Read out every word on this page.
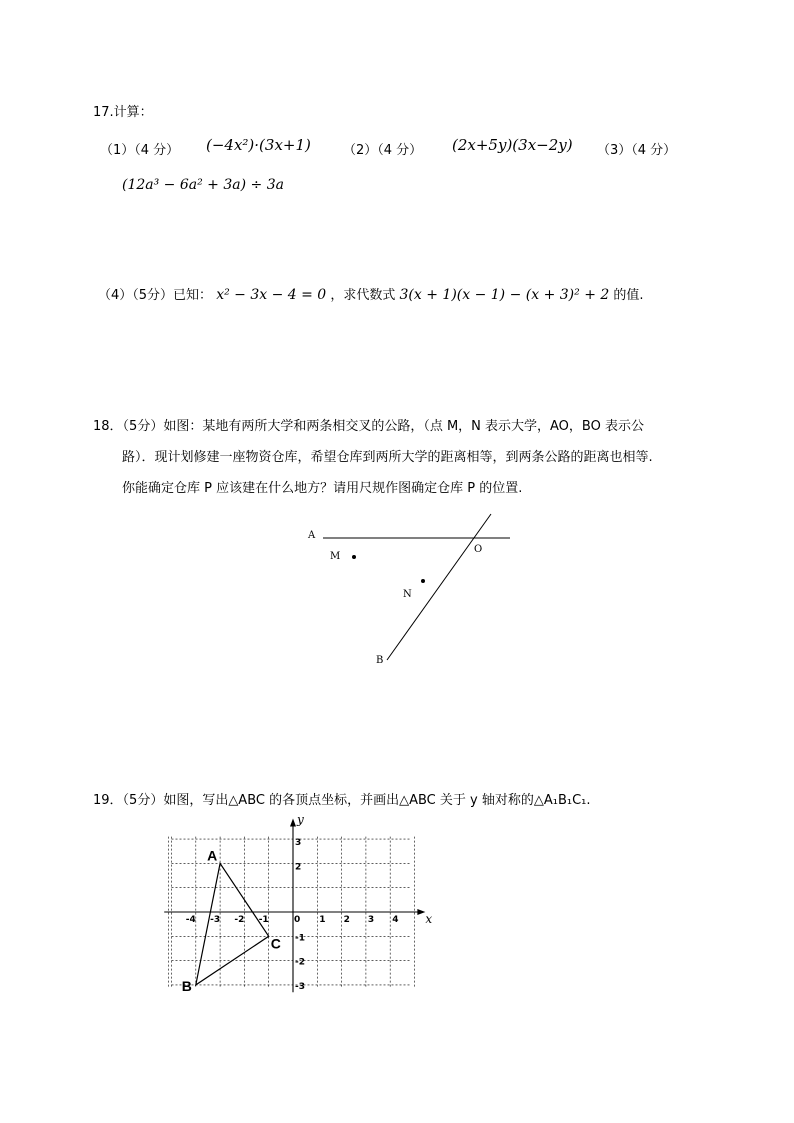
17.计算：
（1）（4 分） (−4x²)·(3x+1) （2）（4 分） (2x+5y)(3x−2y) （3）（4 分）
(12a³ − 6a² + 3a) ÷ 3a
（4）（5分）已知： x² − 3x − 4 = 0 ，求代数式 3(x + 1)(x − 1) − (x + 3)² + 2 的值.
18．（5分）如图：某地有两所大学和两条相交叉的公路，（点 M，N 表示大学，AO，BO 表示公
路）．现计划修建一座物资仓库，希望仓库到两所大学的距离相等，到两条公路的距离也相等.
你能确定仓库 P 应该建在什么地方？请用尺规作图确定仓库 P 的位置.
A
M
O
N
B
19．（5分）如图，写出△ABC 的各顶点坐标，并画出△ABC 关于 y 轴对称的△A₁B₁C₁.
x
y
-4 -3 -2 -1	0 1 2 3 4
3
2
-1
-2
-3
A
B
C
